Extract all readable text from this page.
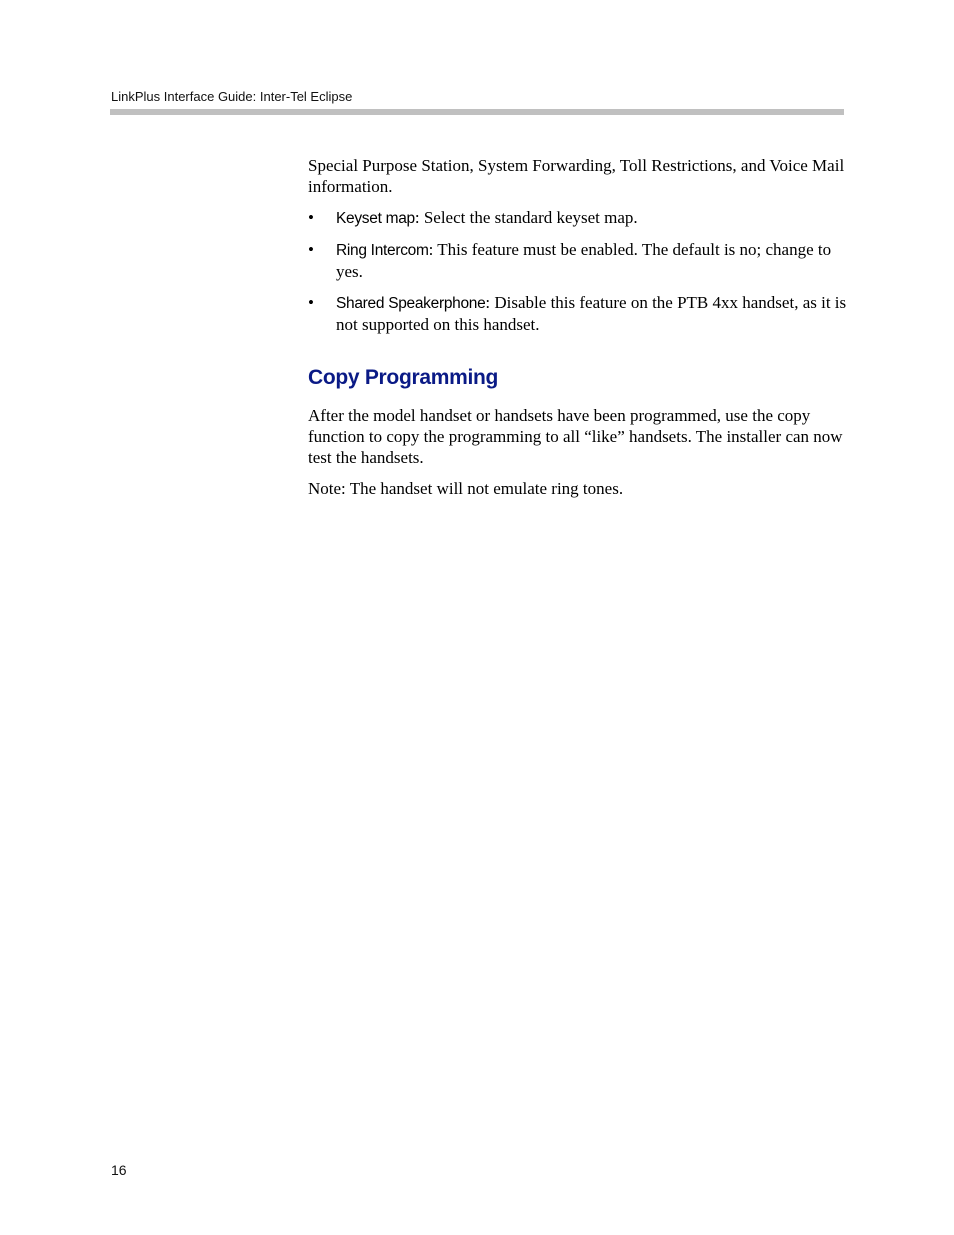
LinkPlus Interface Guide: Inter-Tel Eclipse

Special Purpose Station, System Forwarding, Toll Restrictions, and Voice Mail information.

• Keyset map: Select the standard keyset map.
• Ring Intercom: This feature must be enabled. The default is no; change to yes.
• Shared Speakerphone: Disable this feature on the PTB 4xx handset, as it is not supported on this handset.
Copy Programming

After the model handset or handsets have been programmed, use the copy function to copy the programming to all “like” handsets. The installer can now test the handsets.

Note: The handset will not emulate ring tones.

16
